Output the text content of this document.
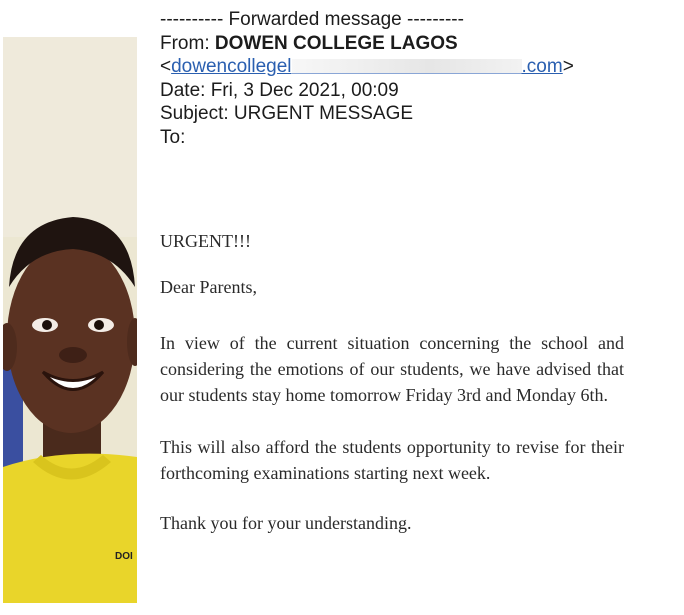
DOI
---------- Forwarded message ---------
From: DOWEN COLLEGE LAGOS
<dowencollegel	.com>
Date: Fri, 3 Dec 2021, 00:09
Subject: URGENT MESSAGE
To:

URGENT!!!

Dear Parents,

In view of the current situation concerning the school and considering the emotions of our students, we have advised that our students stay home tomorrow Friday 3rd and Monday 6th.

This will also afford the students opportunity to revise for their forthcoming examinations starting next week.

Thank you for your understanding.
